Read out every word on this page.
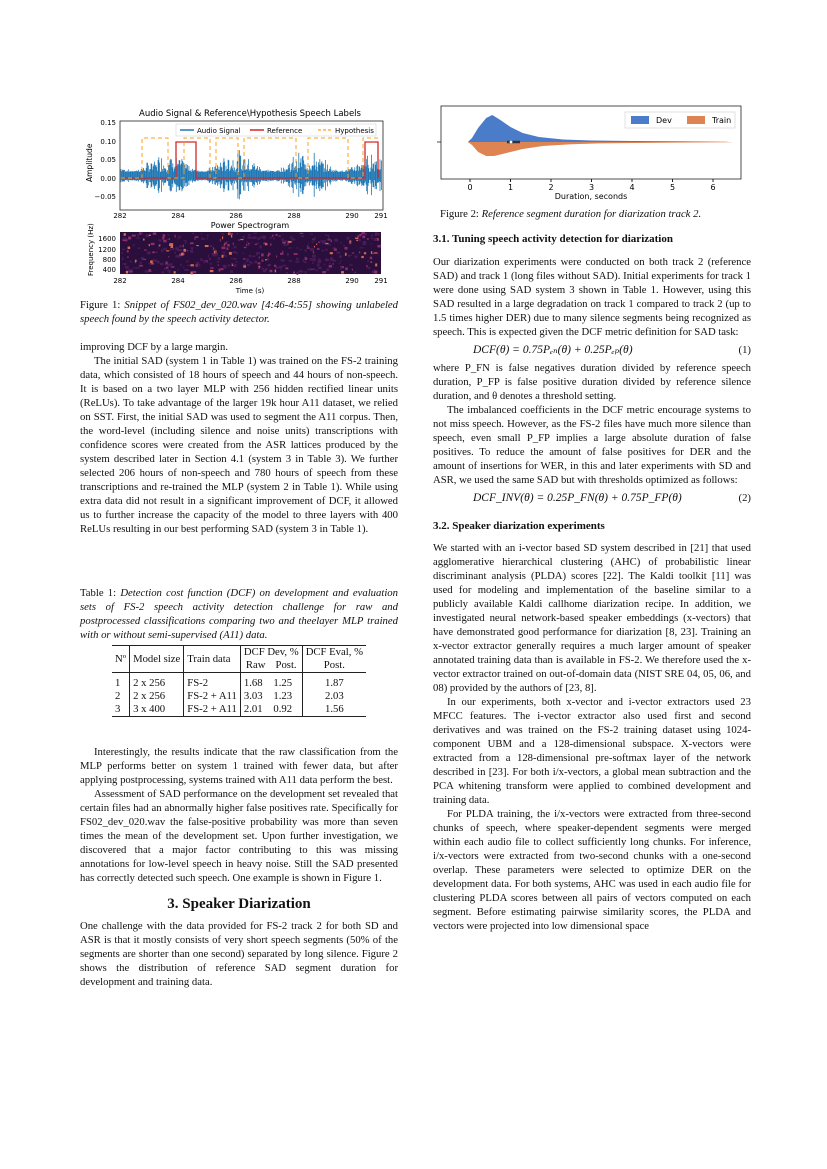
Audio Signal & Reference\Hypothesis Speech Labels
Audio Signal	Reference	Hypothesis
0.15
0.10
0.05
0.00
−0.05
Amplitude
282	284	286	288	290 291
Power Spectrogram
1600
1200
800
400
Frequency (Hz)
282	284	286	288	290 291
Time (s)
Figure 1: Snippet of FS02_dev_020.wav [4:46-4:55] showing unlabeled speech found by the speech activity detector.

improving DCF by a large margin.

The initial SAD (system 1 in Table 1) was trained on the FS-2 training data, which consisted of 18 hours of speech and 44 hours of non-speech. It is based on a two layer MLP with 256 hidden rectified linear units (ReLUs). To take advantage of the larger 19k hour A11 dataset, we relied on SST. First, the initial SAD was used to segment the A11 corpus. Then, the word-level (including silence and noise units) transcriptions with confidence scores were created from the ASR lattices produced by the system described later in Section 4.1 (system 3 in Table 3). We further selected 206 hours of non-speech and 780 hours of speech from these transcriptions and re-trained the MLP (system 2 in Table 1). While using extra data did not result in a significant improvement of DCF, it allowed us to further increase the capacity of the model to three layers with 400 ReLUs resulting in our best performing SAD (system 3 in Table 1).

Table 1: Detection cost function (DCF) on development and evaluation sets of FS-2 speech activity detection challenge for raw and postprocessed classifications comparing two and theelayer MLP trained with or without semi-supervised (A11) data.
Nº	Model size	Train data	DCF Dev, %		DCF Eval, %
			Raw	Post.	Post.

1	2 x 256	FS-2	1.68	1.25	1.87
2	2 x 256	FS-2 + A11	3.03	1.23	2.03
3	3 x 400	FS-2 + A11	2.01	0.92	1.56

Interestingly, the results indicate that the raw classification from the MLP performs better on system 1 trained with fewer data, but after applying postprocessing, systems trained with A11 data perform the best.

Assessment of SAD performance on the development set revealed that certain files had an abnormally higher false positives rate. Specifically for FS02_dev_020.wav the false-positive probability was more than seven times the mean of the development set. Upon further investigation, we discovered that a major factor contributing to this was missing annotations for low-level speech in heavy noise. Still the SAD presented has correctly detected such speech. One example is shown in Figure 1.

3. Speaker Diarization

One challenge with the data provided for FS-2 track 2 for both SD and ASR is that it mostly consists of very short speech segments (50% of the segments are shorter than one second) separated by long silence. Figure 2 shows the distribution of reference SAD segment duration for development and training data.

Dev	Train
0	1	2	3	4	5	6
Duration, seconds
Figure 2: Reference segment duration for diarization track 2.

3.1. Tuning speech activity detection for diarization

Our diarization experiments were conducted on both track 2 (reference SAD) and track 1 (long files without SAD). Initial experiments for track 1 were done using SAD system 3 shown in Table 1. However, using this SAD resulted in a large degradation on track 1 compared to track 2 (up to 1.5 times higher DER) due to many silence segments being recognized as speech. This is expected given the DCF metric definition for SAD task:

DCF(θ) = 0.75Pₑₙ(θ) + 0.25Pₑₚ(θ)	(1)

where P_FN is false negatives duration divided by reference speech duration, P_FP is false positive duration divided by reference silence duration, and θ denotes a threshold setting.

The imbalanced coefficients in the DCF metric encourage systems to not miss speech. However, as the FS-2 files have much more silence than speech, even small P_FP implies a large absolute duration of false positives. To reduce the amount of false positives for DER and the amount of insertions for WER, in this and later experiments with SD and ASR, we used the same SAD but with thresholds optimized as follows:

DCF_INV(θ) = 0.25P_FN(θ) + 0.75P_FP(θ)	(2)

3.2. Speaker diarization experiments

We started with an i-vector based SD system described in [21] that used agglomerative hierarchical clustering (AHC) of probabilistic linear discriminant analysis (PLDA) scores [22]. The Kaldi toolkit [11] was used for modeling and implementation of the baseline similar to a publicly available Kaldi callhome diarization recipe. In addition, we investigated neural network-based speaker embeddings (x-vectors) that have demonstrated good performance for diarization [8, 23]. Training an x-vector extractor generally requires a much larger amount of speaker annotated training data than is available in FS-2. We therefore used the x-vector extractor trained on out-of-domain data (NIST SRE 04, 05, 06, and 08) provided by the authors of [23, 8].

In our experiments, both x-vector and i-vector extractors used 23 MFCC features. The i-vector extractor also used first and second derivatives and was trained on the FS-2 training dataset using 1024-component UBM and a 128-dimensional subspace. X-vectors were extracted from a 128-dimensional pre-softmax layer of the network described in [23]. For both i/x-vectors, a global mean subtraction and the PCA whitening transform were applied to combined development and training data.

For PLDA training, the i/x-vectors were extracted from three-second chunks of speech, where speaker-dependent segments were merged within each audio file to collect sufficiently long chunks. For inference, i/x-vectors were extracted from two-second chunks with a one-second overlap. These parameters were selected to optimize DER on the development data. For both systems, AHC was used in each audio file for clustering PLDA scores between all pairs of vectors computed on each segment. Before estimating pairwise similarity scores, the PLDA and vectors were projected into low dimensional space
